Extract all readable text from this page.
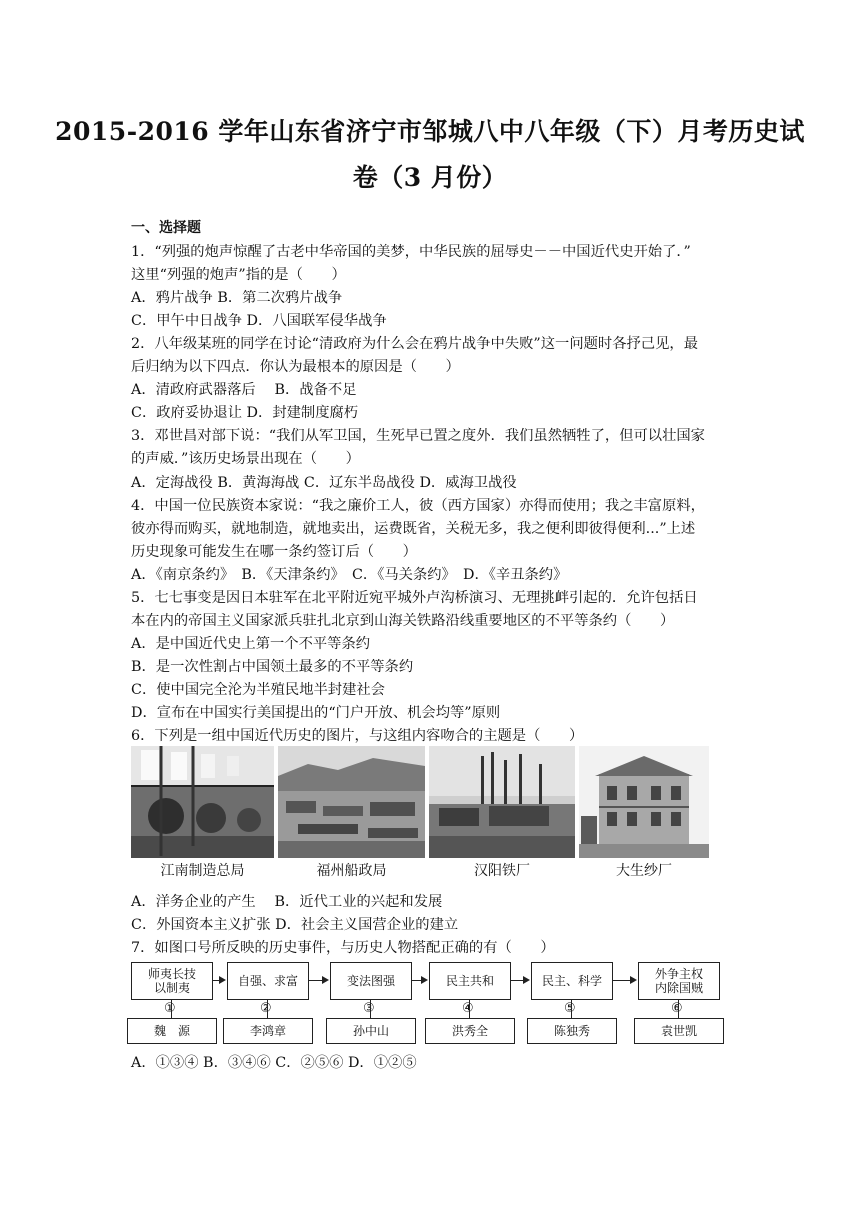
2015-2016 学年山东省济宁市邹城八中八年级（下）月考历史试
卷（3 月份）
一、选择题
1．“列强的炮声惊醒了古老中华帝国的美梦，中华民族的屈辱史－－中国近代史开始了．”
这里“列强的炮声”指的是（　　）
A．鸦片战争 B．第二次鸦片战争
C．甲午中日战争 D．八国联军侵华战争
2．八年级某班的同学在讨论“清政府为什么会在鸦片战争中失败”这一问题时各抒己见，最
后归纳为以下四点．你认为最根本的原因是（　　）
A．清政府武器落后　 B．战备不足
C．政府妥协退让 D．封建制度腐朽
3．邓世昌对部下说：“我们从军卫国，生死早已置之度外．我们虽然牺牲了，但可以壮国家
的声威．”该历史场景出现在（　　）
A．定海战役 B．黄海海战 C．辽东半岛战役 D．威海卫战役
4．中国一位民族资本家说：“我之廉价工人，彼（西方国家）亦得而使用；我之丰富原料，
彼亦得而购买，就地制造，就地卖出，运费既省，关税无多，我之便利即彼得便利...”上述
历史现象可能发生在哪一条约签订后（　　）
A．《南京条约》　B．《天津条约》　C．《马关条约》　D．《辛丑条约》
5．七七事变是因日本驻军在北平附近宛平城外卢沟桥演习、无理挑衅引起的．允许包括日
本在内的帝国主义国家派兵驻扎北京到山海关铁路沿线重要地区的不平等条约（　　）
A．是中国近代史上第一个不平等条约
B．是一次性割占中国领土最多的不平等条约
C．使中国完全沦为半殖民地半封建社会
D．宣布在中国实行美国提出的“门户开放、机会均等”原则
6．下列是一组中国近代历史的图片，与这组内容吻合的主题是（　　）
江南制造总局	福州船政局	汉阳铁厂	大生纱厂
A．洋务企业的产生　 B．近代工业的兴起和发展
C．外国资本主义扩张 D．社会主义国营企业的建立
7．如图口号所反映的历史事件，与历史人物搭配正确的有（　　）
师夷长技
以制夷
①
魏　源
自强、求富
②
李鸿章
变法图强
③
孙中山
民主共和
④
洪秀全
民主、科学
⑤
陈独秀
外争主权
内除国贼
⑥
袁世凯
A．①③④ B．③④⑥ C．②⑤⑥ D．①②⑤
